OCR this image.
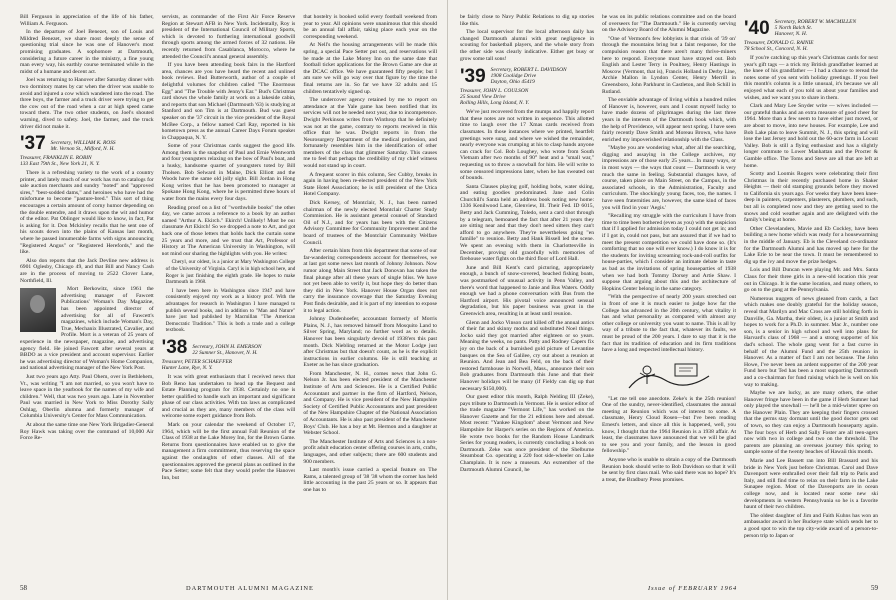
Bill Ferguson in appreciation of the life of his father, William A. Ferguson.

In the departure of Joel Benezet, son of Louis and Mildred Benezet, we share most deeply the sense of questioning trial since he was one of Hanover's most promising graduates. A sophomore at Dartmouth, considering a future career in the ministry, a fine young man every way, his earthly course terminated while in the midst of a humane and decent act.

Joel was returning to Hanover after Saturday dinner with two dormitory mates by car when the driver was unable to avoid and injured a cow which wandered into the road. The three boys, the farmer and a truck driver were trying to get the cow out of the road when a car at high speed came toward them. The two other students, on Joel's shouted warning, dived to safety. Joel, the farmer, and the truck driver did not make it.

'37 Secretary, WILLIAM K. ROSS
Mt. Vernon St., Milford, N. H.
Treasurer, FRANKLIN E. ROBIN
133 East 79th St., New York 21, N. Y.

There is a refreshing variety to the work of a country printer, and lately much of our work has run to catalogs for sale auction merchants and sundry "noted" and "approved sires," "best-sodded dams," and heroines who have had the misfortune to become "pasture-bred." This sort of thing encourages a certain amount of corny humor depending on the double entendre, and it draws upon the wit and humor of the editor. Pat Oblinger would like to know, in fact, Pat is asking for it. Don Mckinley recalls that he sent one of his scouts down into the plains of Kansas last month, where he passed innumerable farms with signs announcing "Registered Angus" or "Registered Herefords," and the like.

Also don reports that the Jack Devline new address is 6901 Oglesby, Chicago 49, and that Bill and Nancy Cash are in the process of moving to 2522 Clover Lane, Northfield, Ill.

Mort Berkowitz, since 1961 the advertising manager of Fawcett Publications' Woman's Day Magazine, has been appointed director of advertising for all of Fawcett's magazines, which include Woman's Day, True, Mechanix Illustrated, Cavalier, and Profile. Mort is a veteran of 25 years of experience in the newspaper, magazine, and advertising agency field. He joined Fawcett after several years at BBDO as a vice president and account supervisor. Earlier he was advertising director of Woman's Home Companion, and national advertising manager of the New York Post.

Just two years ago Atty. Paul Ohem, over in Bethlehem, Vt., was writing "I am not married, so you won't have to leave space in the yearbook for the names of my wife and children." Well, that was two years ago. Late in November Paul was married in New York to Miss Dorothy Sally Oshlag, Oberlin alumna and formerly manager of Columbia University's Center for Mass Communication.

At about the same time one New York Brigadier-General Roy Hawk was taking over the command of 10,000 Air Force Re-

servists, as commander of the First Air Force Reserve Region at Stewart AFB in New York. Incidentally, Roy is president of the International Council of Military Sports, which is devoted to furthering international goodwill through sports among the armed forces of 32 nations. He recently returned from Casablanca, Morocco, where he attended the Council's annual general assembly.

If you have been attending book fairs in the Hartford area, chances are you have heard the recent and unlined book reviews. Bud Butterworth, author of a couple of delightful volumes for children called "The Enormous Egg" and "The Trouble with Jenny's Ear." Bud's Christmas card shows the whole family at work on a lakeside cabin, and reports that son Michael (Dartmouth '63) is studying at Stanford and son Tim is at Dartmouth. Bud was guest speaker on the '37 circuit in the vice president of the Royal McBee Corp., a fellow named Carl Ray, reported in his hometown press as the annual Career Days Forum speaker in Chappaqua, N. Y.

Some of your Christmas cards suggest the good life. Among them is the snapshot of Paul and Ernie Wentworth and four youngsters relaxing on the bow of Paul's boat, and a husky, handsome quartet of youngsters toted by Bill Tholsen. Bob Selward in Maine, Dick Elliott and the Woods have the same old jolly sight. Bill Jordan in Hong Kong writes that he has been promoted to manager at Spokane Hong Kong, where he is permitted three hours of water from the mains every four days.

Reading proof on a list of "worthwhile books" the other day, we came across a reference to a book by an author named "Arthur A. Ekirch." Ekirch! Unlikely! Must be our classmate Art Ekirch! So we dropped a note to Art, and got back one of those letters that holds back the curtain some 25 years and more, and we trust that Art, Professor of History at The American University in Washington, will not mind our sharing the highlights with you. He writes:

Cheryl, our oldest, is a junior at Mary Washington College of the University of Virginia. Caryl is in high school here, and Roger is just finishing the eighth grade. He hopes to make Dartmouth in 1968.

I have been here in Washington since 1947 and have consistently enjoyed my work as a history prof. With the advantages for research in Washington I have managed to publish several books, and in addition to "Man and Nature" have just had published by Macmillan "The American Democratic Tradition." This is both a trade and a college textbook.

'38 Secretary, JOHN H. EMERSON
22 Sumner St., Hanover, N. H.
Treasurer, PETER SCHAEFFER
Hunter Lane, Rye, N. Y.

It was with great enthusiasm that I received news that Bob Reno has undertaken to head up the Bequest and Estate Planning program for 1938. Certainly no one is better qualified to handle such an important and significant phase of our class activities. With tax laws as complicated and crucial as they are, many members of the class will welcome some expert guidance from Bob.

Mark on your calendar the weekend of October 17, 1964, which will be the first annual Fall Reunion of the Class of 1938 at the Lake Morey Inn, for the Brown Game. Returns from questionnaires have enabled us to give the management a firm commitment, thus reserving the space against the onslaughts of other classes. All of the questionnaires approved the general plans as outlined in the Pace Setter; some felt that they would prefer the Hanover Inn, but

that hostelry is booked solid every football weekend from year to year. All opinions were unanimous that this should be an annual fall affair, taking place each year on the corresponding weekend.

At Nell's the housing arrangements will be made this spring, a special Pace Setter put out, and reservations will be made at the Lake Morey Inn on the same date that football ticket applications for the Brown Game are due at the DCAC office. We have guaranteed fifty people; but I am sure we will go way over that figure by the time the final returns are in. So far we have 32 adults and 15 children tentatively signed up.

The undercover agency retained by me to report on attendance at the Yale game has been notified that its services will not be needed next year, due to incompetence. Dwight Perkinson writes from Winthrop that he definitely was not at the game, contrary to reports received in this office that he was. Dwight reports in from the Neurosurgery Department of the medical profession, and fortunately resembles him in the identification of other members of the class that glimmer Saturday. This causes me to feel that perhaps the credibility of my chief witness would not stand up in court.

A frequent scorer in this column, Sec Cubby, breaks in again in having been re-elected president of the New York State Hotel Association; he is still president of the Utica Hotel Company.

Dick Kersey, of Montclair, N. J., has been named chairman of the newly elected Montclair Charter Study Commission. He is assistant general counsel of Standard Oil of N.J., and for years has been with the Citizens Advisory Committee for Community Improvement and the board of trustees of the Montclair Community Welfare Council.

After certain hints from this department that some of our far-wandering correspondents account for themselves, we at last got some news last month of Johnny Johnson. Now rumor along Main Street that Jack Donovan has taken the final plunge after all these years of single bliss. We have not yet been able to verify it, but hope they do better than they did in New York. Hanover House Organ does not carry the insurance coverage that the Saturday Evening Post finds desirable, and it is part of my intention to expose it to legal action.

Johnny Dudenhoefer, accountant formerly of Morris Plains, N. J., has removed himself from Mosquito Land to Silver Spring, Maryland; no further word as to details. Hanover has been singularly devoid of 1938'ers this past month. Dick Niebling returned at the Motor Lodge just after Christmas but that doesn't count, as he is the explicit instructions in earlier columns. He is still teaching at Exeter as he has since graduation.

From Manchester, N. H., comes news that John G. Nelson Jr. has been elected president of the Manchester Institute of Arts and Sciences. He is a Certified Public Accountant and partner in the firm of Hartford, Nelson, and Company. He is vice president of the New Hampshire Society of Certified Public Accountants and past president of the New Hampshire Chapter of the National Association of Accountants. He is also past president of the Manchester Boys' Club. He has a boy at Mt. Hermon and a daughter at Webster School.

The Manchester Institute of Arts and Sciences is a non-profit adult education center offering courses in arts, crafts, languages, and other subjects; there are 600 students and 900 members.

Last month's issue carried a special feature on The Rams, a talented group of '38 '38 whom the corner has held little accounting in the past 25 years or so. It appears that one has to

58	DARTMOUTH ALUMNI MAGAZINE

be fairly close to Navy Public Relations to dig up stories like this.

The local supervisor for the local afternoon daily has changed Dartmouth alumni with great negligence in scouting for basketball players, and the whole story from the other side was clearly indicative. Either get busy or grow some tall sons!

'39 Secretary, ROBERT L. DAVIDSON
1908 Coolidge Drive
Dayton, Ohio 45419
Treasurer, JOHN L. COULSON
25 Sound View Drive
Rolling Hills, Long Island, N. Y.

We've just recovered from the mumps and happily report that these notes are not written in sequence. This allotted time to laugh over the 17 Xmas cards received from classmates. In those instances where we printed, heartfelt greetings were sung, and where we wished the remainder, nearly everyone was crumping at his to clasp hands anyone can crack for Col. Bob Loughey, who wrote from South Vietnam after two months of 90° heat and a "small war," requesting us to throw a snowball for him. He will write to some censored impressions later, when he has sweated out of bounds.

Santa Clauses playing golf, holding bobs, water skiing, and eating goodies predominated. Jane and Colin Churchill's Santa held an address book noting new home: 1336 Kenilwood Lane, Glenview, Ill. Their Fed. ID 6015, Betty and Jack Cumming, Toledo, sent a card shot through by a telegram, bemoaned the fact that after 21 years they are sitting near and that they don't need sitters they can't afford to go anywhere. They're nevertheless going "en famille" to reunion. Betty and Hank Bissell led the scene. We spent an evening with them in Charlottesville in December, proving old gracefully with memories of firehouse water fights on the third floor of Lord Hall.

June and Bill Kent's card picturing, appropriately enough, a bunch of snow-covered, beached fishing boats, was postmarked of unusual activity in Penn Valley, and there's word that happened to Janie and Bus Waters. Oddly enough we had a phone conversation with Bus from the Hartford airport. His pivotal voice announced sensual degradation, but his paper business was great in the Greenwich area, resulting in at least until reunion.

Glenn and Jocko Vinson card killed off the annual antics of their fat and skinny moths and substituted Noel things. Jocko said they got married after eighteen or so years. Meaning the weeks, no pants. Patty and Rodney Capers fix joy on the back of a burnished gold picture of Levantine basques on the Sea of Galilee, cry out about a reunion at Reunion. And Jean and Bea Feld, on the back of their restored farmhouse in Norwell, Mass., announce their son Bob graduates from Dartmouth this June and that their Hanover holidays will be many (if Fieldy can dig up that necessary $150,000).

Our guest editor this month, Ralph Nelding III (Zeke), pays tribute to Dartmouth in Vermont. He is senior editor of the trade magazine "Vermont Life," has worked on the Hanover Gazette and for the 21 editions here and abroad. Most recent: "Yankee Kingdom" about Vermont and New Hampshire for Harper's series on the Regions of America. He wrote two books for the Random House Landmark Series for young readers, is currently concluding a book on Dartmouth. Zeke was once president of the Shelburne Steamboat Co. operating a 220 foot side-wheeler on Lake Champlain. It is now a museum. An exmember of the Dartmouth Alumni Council, he

he was on its public relations committee and on the board of overseers for "The Dartmouth." He is currently serving on the Advisory Board of the Alumni Magazine.

"One of Vermont's few lobbyists is that crisis of '39 on' through the mountains bring but a faint response, for the compulsion reason that there aren't many thrive-miners here to respond. Everyone must have strayed out. Bob English and Lester Terry in Poultney, Henry Hastings in Moscow (Vermont, that is), Francis Holland in Derby Line, Archie Mallon in Lyndon Center, Henry Merrill in Greensboro, John Parkhurst in Castleton, and Bob Schill in Rutland.

The enviable advantage of living within a hundred miles of Hanover is, however, ours and I count myself lucky to have made dozens of pilgrimages during the last three years in the interests of the Dartmouth book which, with the help of Providence, will appear next spring. I have seen fairly recently Dave Smith and Moreau Brown, who have enriched my impoverished relationship with the Class.

"Maybe you are wondering what, after all the searching, digging and assaying in the College archives, my impressions are of those early 25 years... In many ways, or in most ways — the ways that count — Dartmouth is very much the same in feeling. Substantial changes have, of course, taken place on Main Street, on the Campus, in the associated schools, in the Administration, Faculty and curriculum. The shockingly young faces, too, the names. I have seen fraternities are, however, the same kind of faces you will find in your 'Aegis.'

"Recalling my struggle with the curriculum I have from time to time been bothered (even as you) with the suspicion that if I applied for admission today I could not get in; and if I got in, could not pass, but am assured that if we had to meet the present competition we could have done so. (It's comforting that no one will ever know.) I do know it is for the students for inviting screaming rock-and-roll outfits for house-parties, which I consider an intimate debate in taste as bad as the invitations of spring houseparties of 1938 when we had both Tommy Dorsey and Artie Shaw. I suppose that arguing about this and the architecture of Hopkins Center belong in the same category.

"With the perspective of nearly 200 years stretched out in front of one it is much easier to judge how far the College has advanced in the 20th century, what vitality it has and what personality as compared with almost any other college or university you want to name. This is all by way of a tribute to the fact that, whatever its faults, we must be proud of the 200 years. I dare to say that it is the fact that its tradition of education and its firm traditions have a long and respected intellectual history.

"Let me tell one anecdote. Zeke's is the 25th reunion! One of the sundry, never-identified, classmates the annual meeting at Reunion which was of interest to some. A classmate, Henry Cloud Rosen—but I've been reading Ernest's letters, and since all this is happened, well, you know, I thought that the 1964 Reunion is a 1938 affair. At least, the classmates have announced that we will be glad to see you and your family, and the lesson in good fellowship."

Anyone who is unable to obtain a copy of the Dartmouth Reunion book should write to Bob Davidson so that it will be sent by first class mail. Who said there was no hope? It's a treat, the Bradbury Press promises.

'40 Secretary, ROBERT W. MACMILLEN
5 North Balch St.
Hanover, N. H.
Treasurer, DONALD G. RAINIE
78 School St., Concord, N. H.

If you're catching up this year's Christmas cards for next year's gift tags — a trick my British grandfather learned at the knee of his grandfather — I had a chance to reread the notes some of you sent with holiday greetings. If you feel this month's column is a little unusual, it's because we all enjoyed what each of you told us about your families and wishes, and we want you to share in them.

Clark and Mary Lee Snyder write — wives included — our grateful thanks and an extra measure of good cheer for 1964. More than a few seem to have either just moved, or are about to move, into new houses. For example, Lee and Bob Lake plan to leave Summit, N. J., this spring and will lose the last Jersey and hold out the 60-acre farm in Locust Valley. Bob is still a flying enthusiast and has a slightly longer commute to Lower Manhattan and the Procter & Gamble office. The Toms and Steve are all that are left at home.

Scotty and Loomis Rogers were celebrating their first Christmas in their recently purchased home in Shaker Heights — their old stamping grounds before they moved to California six years ago. For weeks they have been knee-deep in painters, carpenters, plasterers, plumbers, and such, but all is completed now and they are getting used to the snows and cold weather again and are delighted with the family's being at home.

Other Clevelanders, Mavie and Eb Cockley, have been building a new home which was ready for a housewarming in the middle of January. Eb is the Cleveland co-ordinator for the Dartmouth Alumni and has moved up here for the Lake Erie to be near the town. It must be remembered to dig up the ivy and move the prize hedges.

Lois and Bill Duncan were playing Mr. and Mrs. Santa Claus for their three girls in a new-old location this year out in Chicago. It is the same location, and many others, to go on to the gang at the Pennsylvania.

Numerous nuggets of news gleaned from cards, a fact which makes one doubly grateful for the holiday season, reveal that Marilyn and Mac Cross are still holding forth in Danville, Ga. Martha, their oldest, is a junior at Smith and hopes to work for a Ph.D. in summer. Mac Jr., number one son, is a senior in high school and well into plans for Harvard's class of 1968 — and a strong supporter of his dad's school. The whole gang went for a fast curve in behalf of the Alumni Fund and the 25th reunion in Hanover. As a matter of fact I am not because. The John Howe, I've never been an ardent supporter of the 200 year Fund hero but Ted has been a most supporting Dartmouth and a co-chairman for fund raising which he is well on his way to making.

Maybe we are lucky, as are many others, the other Hanover fringe have been in the game if Herb Sumner had only played the snowball — he'll be a mid-winter spree on the Hanover Plain. They are keeping their fingers crossed that the germs stay dormant until the good doctor gets out of town, so they can enjoy a Dartmouth houseparty again. The four boys of Herb and Sally Foster are all teen-agers now with two in college and two on the threshold. The parents are planning an overseas journey this spring to sample some of the twenty beaches of Hawaii this month.

Marie and Lee Bassett ran into Bill Brassard and his bride in New York just before Christmas. Carol and Dave Davenport were enthralled over their fall trip to Paris and Italy, and still find time to relax on their farm in the Lake Sunapee region. Most of the Davenports are in ocean college now, and is located near some new ski developments in western Pennsylvania so he is a favorite haunt of their two children.

The oldest daughter of Jim and Faith Kuhns has won an ambassador award in her Buckeye state which sends her to a good spot to win the top city-wide award of a person-to-person trip to Japan or

Issue of FEBRUARY 1964	59
